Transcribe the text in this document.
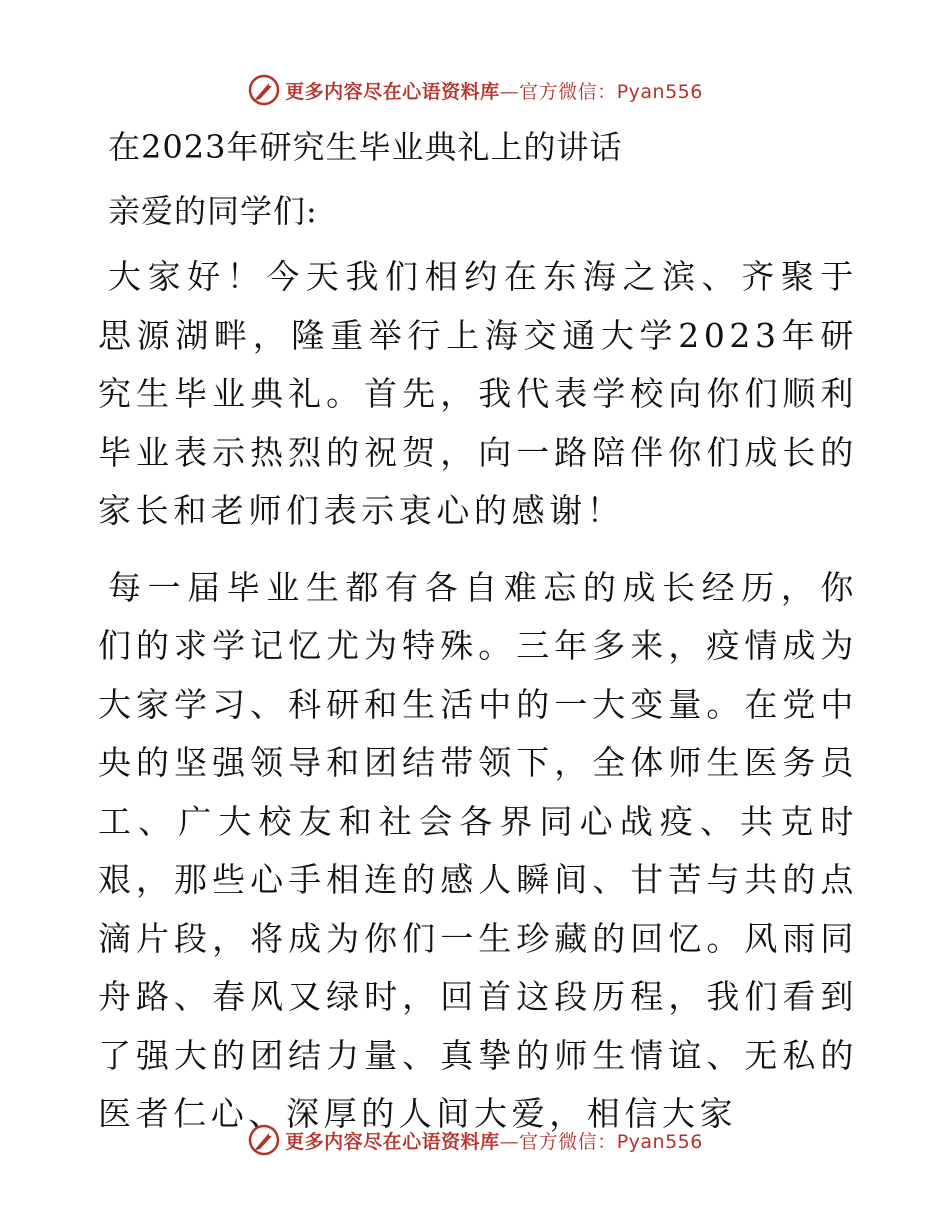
更多内容尽在心语资料库—官方微信：Pyan556
在2023年研究生毕业典礼上的讲话
亲爱的同学们:

大家好！今天我们相约在东海之滨、齐聚于思源湖畔，隆重举行上海交通大学2023年研究生毕业典礼。首先，我代表学校向你们顺利毕业表示热烈的祝贺，向一路陪伴你们成长的家长和老师们表示衷心的感谢！

每一届毕业生都有各自难忘的成长经历，你们的求学记忆尤为特殊。三年多来，疫情成为大家学习、科研和生活中的一大变量。在党中央的坚强领导和团结带领下，全体师生医务员工、广大校友和社会各界同心战疫、共克时艰，那些心手相连的感人瞬间、甘苦与共的点滴片段，将成为你们一生珍藏的回忆。风雨同舟路、春风又绿时，回首这段历程，我们看到了强大的团结力量、真挚的师生情谊、无私的医者仁心、深厚的人间大爱，相信大家

更多内容尽在心语资料库—官方微信：Pyan556
